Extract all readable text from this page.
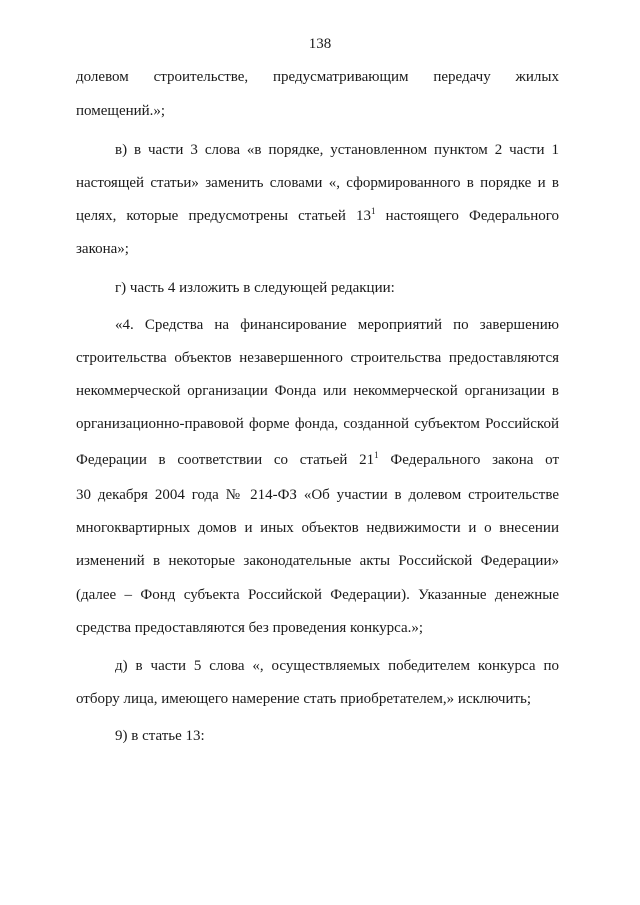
138
долевом строительстве, предусматривающим передачу жилых
помещений.»;
в) в части 3 слова «в порядке, установленном пунктом 2 части 1
настоящей статьи» заменить словами «, сформированного в порядке и в
целях, которые предусмотрены статьей $13^1$ настоящего Федерального
закона»;
г) часть 4 изложить в следующей редакции:
«4. Средства на финансирование мероприятий по завершению
строительства объектов незавершенного строительства предоставляются
некоммерческой организации Фонда или некоммерческой организации в
организационно-правовой форме фонда, созданной субъектом Российской
Федерации в соответствии со статьей $21^1$ Федерального закона от
30 декабря 2004 года № 214-ФЗ «Об участии в долевом строительстве
многоквартирных домов и иных объектов недвижимости и о внесении
изменений в некоторые законодательные акты Российской Федерации»
(далее – Фонд субъекта Российской Федерации). Указанные денежные
средства предоставляются без проведения конкурса.»;
д) в части 5 слова «, осуществляемых победителем конкурса по
отбору лица, имеющего намерение стать приобретателем,» исключить;
9) в статье 13:
